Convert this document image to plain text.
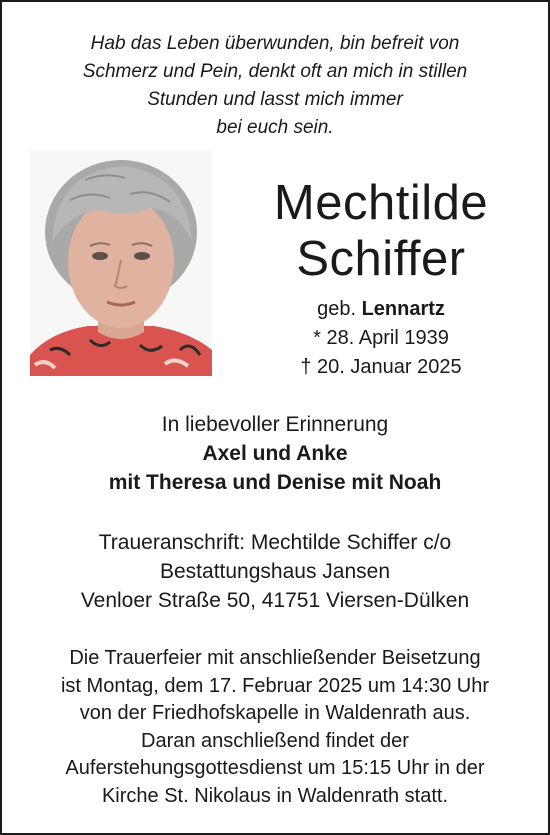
Hab das Leben überwunden, bin befreit von
Schmerz und Pein, denkt oft an mich in stillen
Stunden und lasst mich immer
bei euch sein.
Mechtilde
Schiffer
geb. Lennartz
* 28. April 1939
† 20. Januar 2025
In liebevoller Erinnerung
Axel und Anke
mit Theresa und Denise mit Noah
Traueranschrift: Mechtilde Schiffer c/o
Bestattungshaus Jansen
Venloer Straße 50, 41751 Viersen-Dülken
Die Trauerfeier mit anschließender Beisetzung
ist Montag, dem 17. Februar 2025 um 14:30 Uhr
von der Friedhofskapelle in Waldenrath aus.
Daran anschließend findet der
Auferstehungsgottesdienst um 15:15 Uhr in der
Kirche St. Nikolaus in Waldenrath statt.
